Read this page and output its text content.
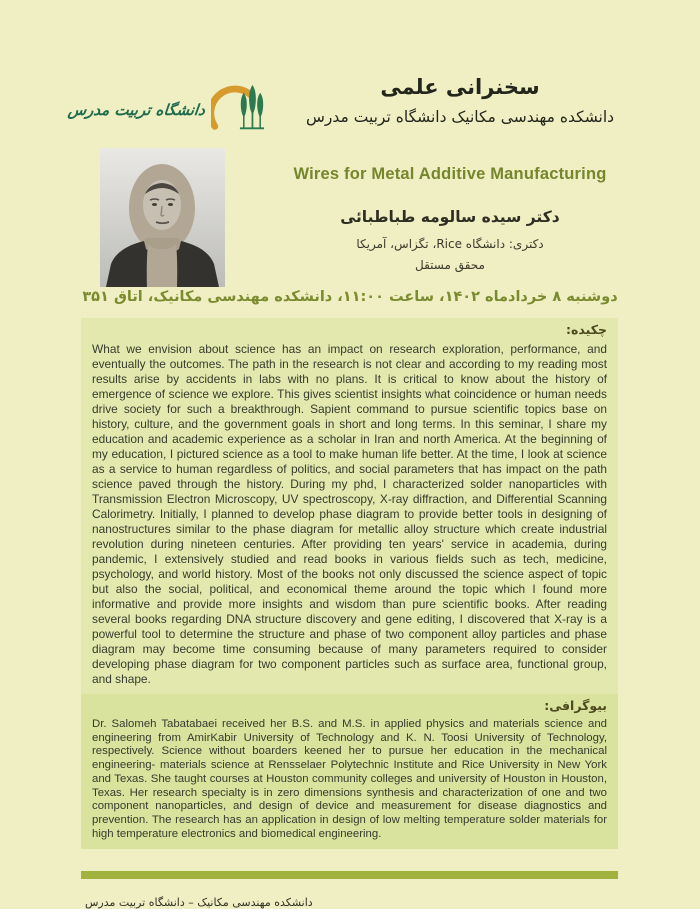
دانشگاه تربیت مدرس
سخنرانی علمی
دانشکده مهندسی مکانیک دانشگاه تربیت مدرس
Wires for Metal Additive Manufacturing
دکتر سیده سالومه طباطبائی
دکتری: دانشگاه Rice، تگزاس، آمریکا
محقق مستقل
دوشنبه ۸ خردادماه ۱۴۰۲، ساعت ۱۱:۰۰، دانشکده مهندسی مکانیک، اتاق ۳۵۱
چکیده:
What we envision about science has an impact on research exploration, performance, and eventually the outcomes. The path in the research is not clear and according to my reading most results arise by accidents in labs with no plans. It is critical to know about the history of emergence of science we explore. This gives scientist insights what coincidence or human needs drive society for such a breakthrough. Sapient command to pursue scientific topics base on history, culture, and the government goals in short and long terms. In this seminar, I share my education and academic experience as a scholar in Iran and north America. At the beginning of my education, I pictured science as a tool to make human life better. At the time, I look at science as a service to human regardless of politics, and social parameters that has impact on the path science paved through the history. During my phd, I characterized solder nanoparticles with Transmission Electron Microscopy, UV spectroscopy, X-ray diffraction, and Differential Scanning Calorimetry. Initially, I planned to develop phase diagram to provide better tools in designing of nanostructures similar to the phase diagram for metallic alloy structure which create industrial revolution during nineteen centuries. After providing ten years' service in academia, during pandemic, I extensively studied and read books in various fields such as tech, medicine, psychology, and world history. Most of the books not only discussed the science aspect of topic but also the social, political, and economical theme around the topic which I found more informative and provide more insights and wisdom than pure scientific books. After reading several books regarding DNA structure discovery and gene editing, I discovered that X-ray is a powerful tool to determine the structure and phase of two component alloy particles and phase diagram may become time consuming because of many parameters required to consider developing phase diagram for two component particles such as surface area, functional group, and shape.
بیوگرافی:
Dr. Salomeh Tabatabaei received her B.S. and M.S. in applied physics and materials science and engineering from AmirKabir University of Technology and K. N. Toosi University of Technology, respectively. Science without boarders keened her to pursue her education in the mechanical engineering- materials science at Rensselaer Polytechnic Institute and Rice University in New York and Texas. She taught courses at Houston community colleges and university of Houston in Houston, Texas. Her research specialty is in zero dimensions synthesis and characterization of one and two component nanoparticles, and design of device and measurement for disease diagnostics and prevention. The research has an application in design of low melting temperature solder materials for high temperature electronics and biomedical engineering.
دانشکده مهندسی مکانیک – دانشگاه تربیت مدرس
